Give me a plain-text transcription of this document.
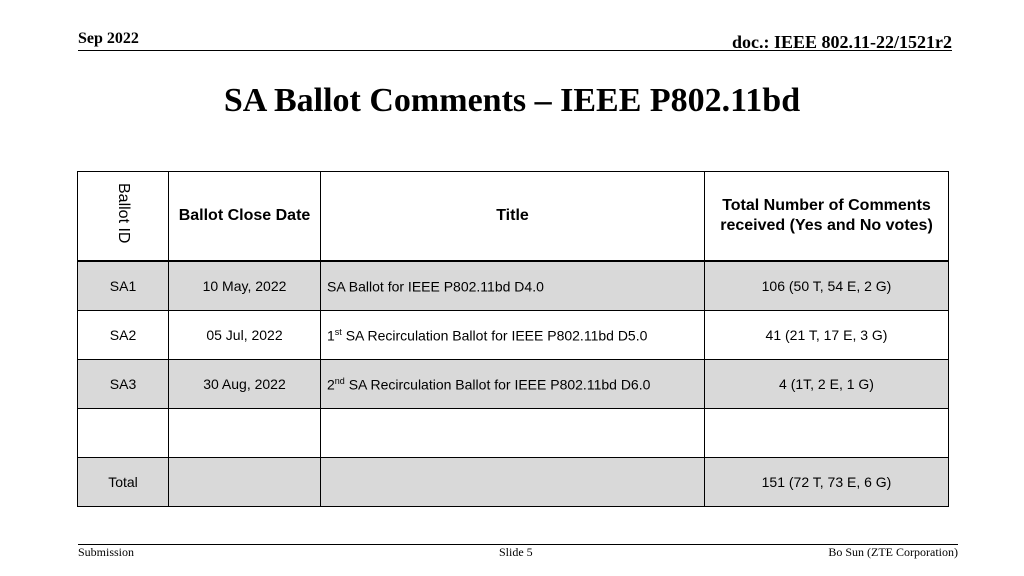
Sep 2022	doc.: IEEE 802.11-22/1521r2
SA Ballot Comments – IEEE P802.11bd
Ballot ID	Ballot Close Date	Title	Total Number of Comments received (Yes and No votes)
SA1	10 May, 2022	SA Ballot for IEEE P802.11bd D4.0	106 (50 T, 54 E, 2 G)
SA2	05 Jul, 2022	1st SA Recirculation Ballot for IEEE P802.11bd D5.0	41 (21 T, 17 E, 3 G)
SA3	30 Aug, 2022	2nd SA Recirculation Ballot for IEEE P802.11bd D6.0	4 (1T, 2 E, 1 G)

Total			151 (72 T, 73 E, 6 G)
Submission	Slide 5	Bo Sun (ZTE Corporation)
